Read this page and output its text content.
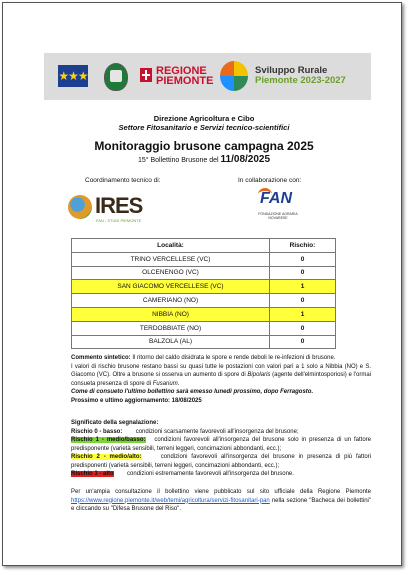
★★★	REGIONE
PIEMONTE
Sviluppo Rurale
Piemonte 2023-2027
Direzione Agricoltura e Cibo
Settore Fitosanitario e Servizi tecnico-scientifici
Monitoraggio brusone campagna 2025
15° Bollettino Brusone del 11/08/2025
Coordinamento tecnico di:	In collaborazione con:
IRES
FAN - STUDI PIEMONTE
FAN
FONDAZIONE AGRARIA NOVARESE
Località:	Rischio:
TRINO VERCELLESE (VC)	0
OLCENENGO (VC)	0
SAN GIACOMO VERCELLESE (VC)	1
CAMERIANO (NO)	0
NIBBIA (NO)	1
TERDOBBIATE (NO)	0
BALZOLA (AL)	0

Commento sintetico: Il ritorno del caldo disidrata le spore e rende deboli le re-infezioni di brusone.

I valori di rischio brusone restano bassi su quasi tutte le postazioni con valori pari a 1 solo a Nibbia (NO) e S. Giacomo (VC). Oltre a brusone si osserva un aumento di spore di Bipolaris (agente dell'elmintosporiosi) e l'ormai consueta presenza di spore di Fusarium.

Come di consueto l'ultimo bollettino sarà emesso lunedì prossimo, dopo Ferragosto.

Prossimo e ultimo aggiornamento: 18/08/2025

Significato della segnalazione:

Rischio 0 - basso: condizioni scarsamente favorevoli all'insorgenza del brusone;

Rischio 1 - medio/basso: condizioni favorevoli all'insorgenza del brusone solo in presenza di un fattore predisponente (varietà sensibili, terreni leggeri, concimazioni abbondanti, ecc.);

Rischio 2 - medio/alto:	condizioni favorevoli all'insorgenza del brusone in presenza di più fattori predisponenti (varietà sensibili, terreni leggeri, concimazioni abbondanti, ecc.);

Rischio 3 - alto condizioni estremamente favorevoli all'insorgenza del brusone.

Per un'ampia consultazione il bollettino viene pubblicato sul sito ufficiale della Regione Piemonte https://www.regione.piemonte.it/web/temi/agricoltura/servizi-fitosanitari-pan nella sezione "Bacheca dei bollettini" e cliccando su "Difesa Brusone del Riso".
